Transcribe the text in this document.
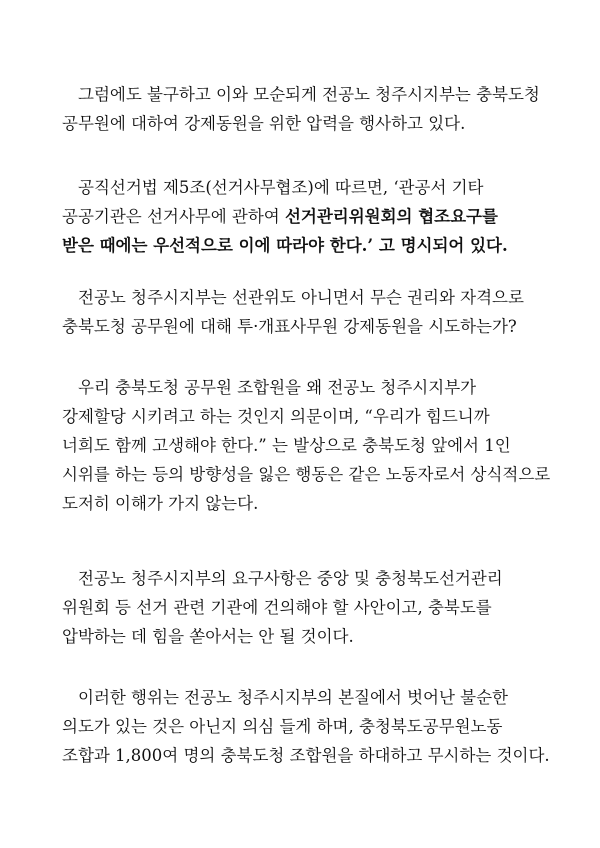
그럼에도 불구하고 이와 모순되게 전공노 청주시지부는 충북도청
공무원에 대하여 강제동원을 위한 압력을 행사하고 있다.

공직선거법 제5조(선거사무협조)에 따르면, ‘관공서 기타
공공기관은 선거사무에 관하여 선거관리위원회의 협조요구를
받은 때에는 우선적으로 이에 따라야 한다.’ 고 명시되어 있다.

전공노 청주시지부는 선관위도 아니면서 무슨 권리와 자격으로
충북도청 공무원에 대해 투·개표사무원 강제동원을 시도하는가?

우리 충북도청 공무원 조합원을 왜 전공노 청주시지부가
강제할당 시키려고 하는 것인지 의문이며, “우리가 힘드니까
너희도 함께 고생해야 한다.” 는 발상으로 충북도청 앞에서 1인
시위를 하는 등의 방향성을 잃은 행동은 같은 노동자로서 상식적으로
도저히 이해가 가지 않는다.

전공노 청주시지부의 요구사항은 중앙 및 충청북도선거관리
위원회 등 선거 관련 기관에 건의해야 할 사안이고, 충북도를
압박하는 데 힘을 쏟아서는 안 될 것이다.

이러한 행위는 전공노 청주시지부의 본질에서 벗어난 불순한
의도가 있는 것은 아닌지 의심 들게 하며, 충청북도공무원노동
조합과 1,800여 명의 충북도청 조합원을 하대하고 무시하는 것이다.
